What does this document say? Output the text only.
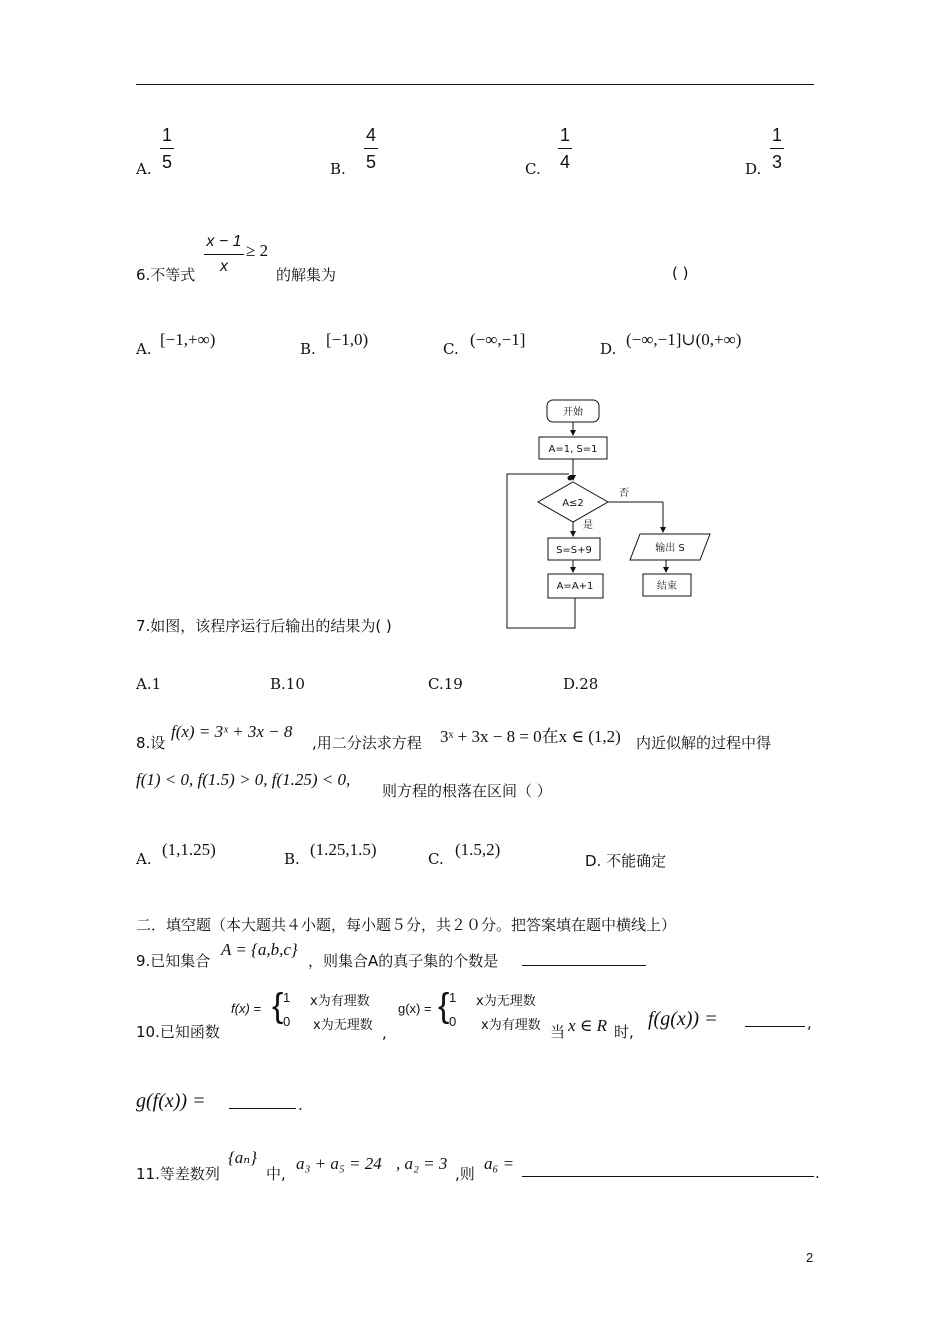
A.
1
5	B.
4
5	C.
1
4	D.
1
3
6.不等式
x − 1
x
≥ 2
的解集为	( )
A. [−1,+∞)	B. [−1,0)	C. (−∞,−1]	D. (−∞,−1]∪(0,+∞)
开始
A=1, S=1
A≤2
否
是
S=S+9
A=A+1
输出 S
结束
7.如图，该程序运行后输出的结果为( )
A.1	B.10	C.19	D.28
8.设
f(x) = 3ˣ + 3x − 8
,用二分法求方程 3ˣ + 3x − 8 = 0在x ∈ (1,2) 内近似解的过程中得
f(1) < 0, f(1.5) > 0, f(1.25) < 0,
则方程的根落在区间（ ）
A. (1,1.25)	B. (1.25,1.5)	C. (1.5,2)
D. 不能确定
二．填空题（本大题共４小题，每小题５分，共２０分。把答案填在题中横线上）
9.已知集合
A = {a,b,c}
，则集合A的真子集的个数是
10.已知函数
f(x) = { 1 x为有理数
0 x为无理数 ,
g(x) = { 1 x为无理数
0 x为有理数 当 x ∈ R 时,
f(g(x)) =	,
g(f(x)) =	.
11.等差数列
{aₙ}
中,
a₃ + a₅ = 24 , a₂ = 3
,则
a₆ =	.
2
